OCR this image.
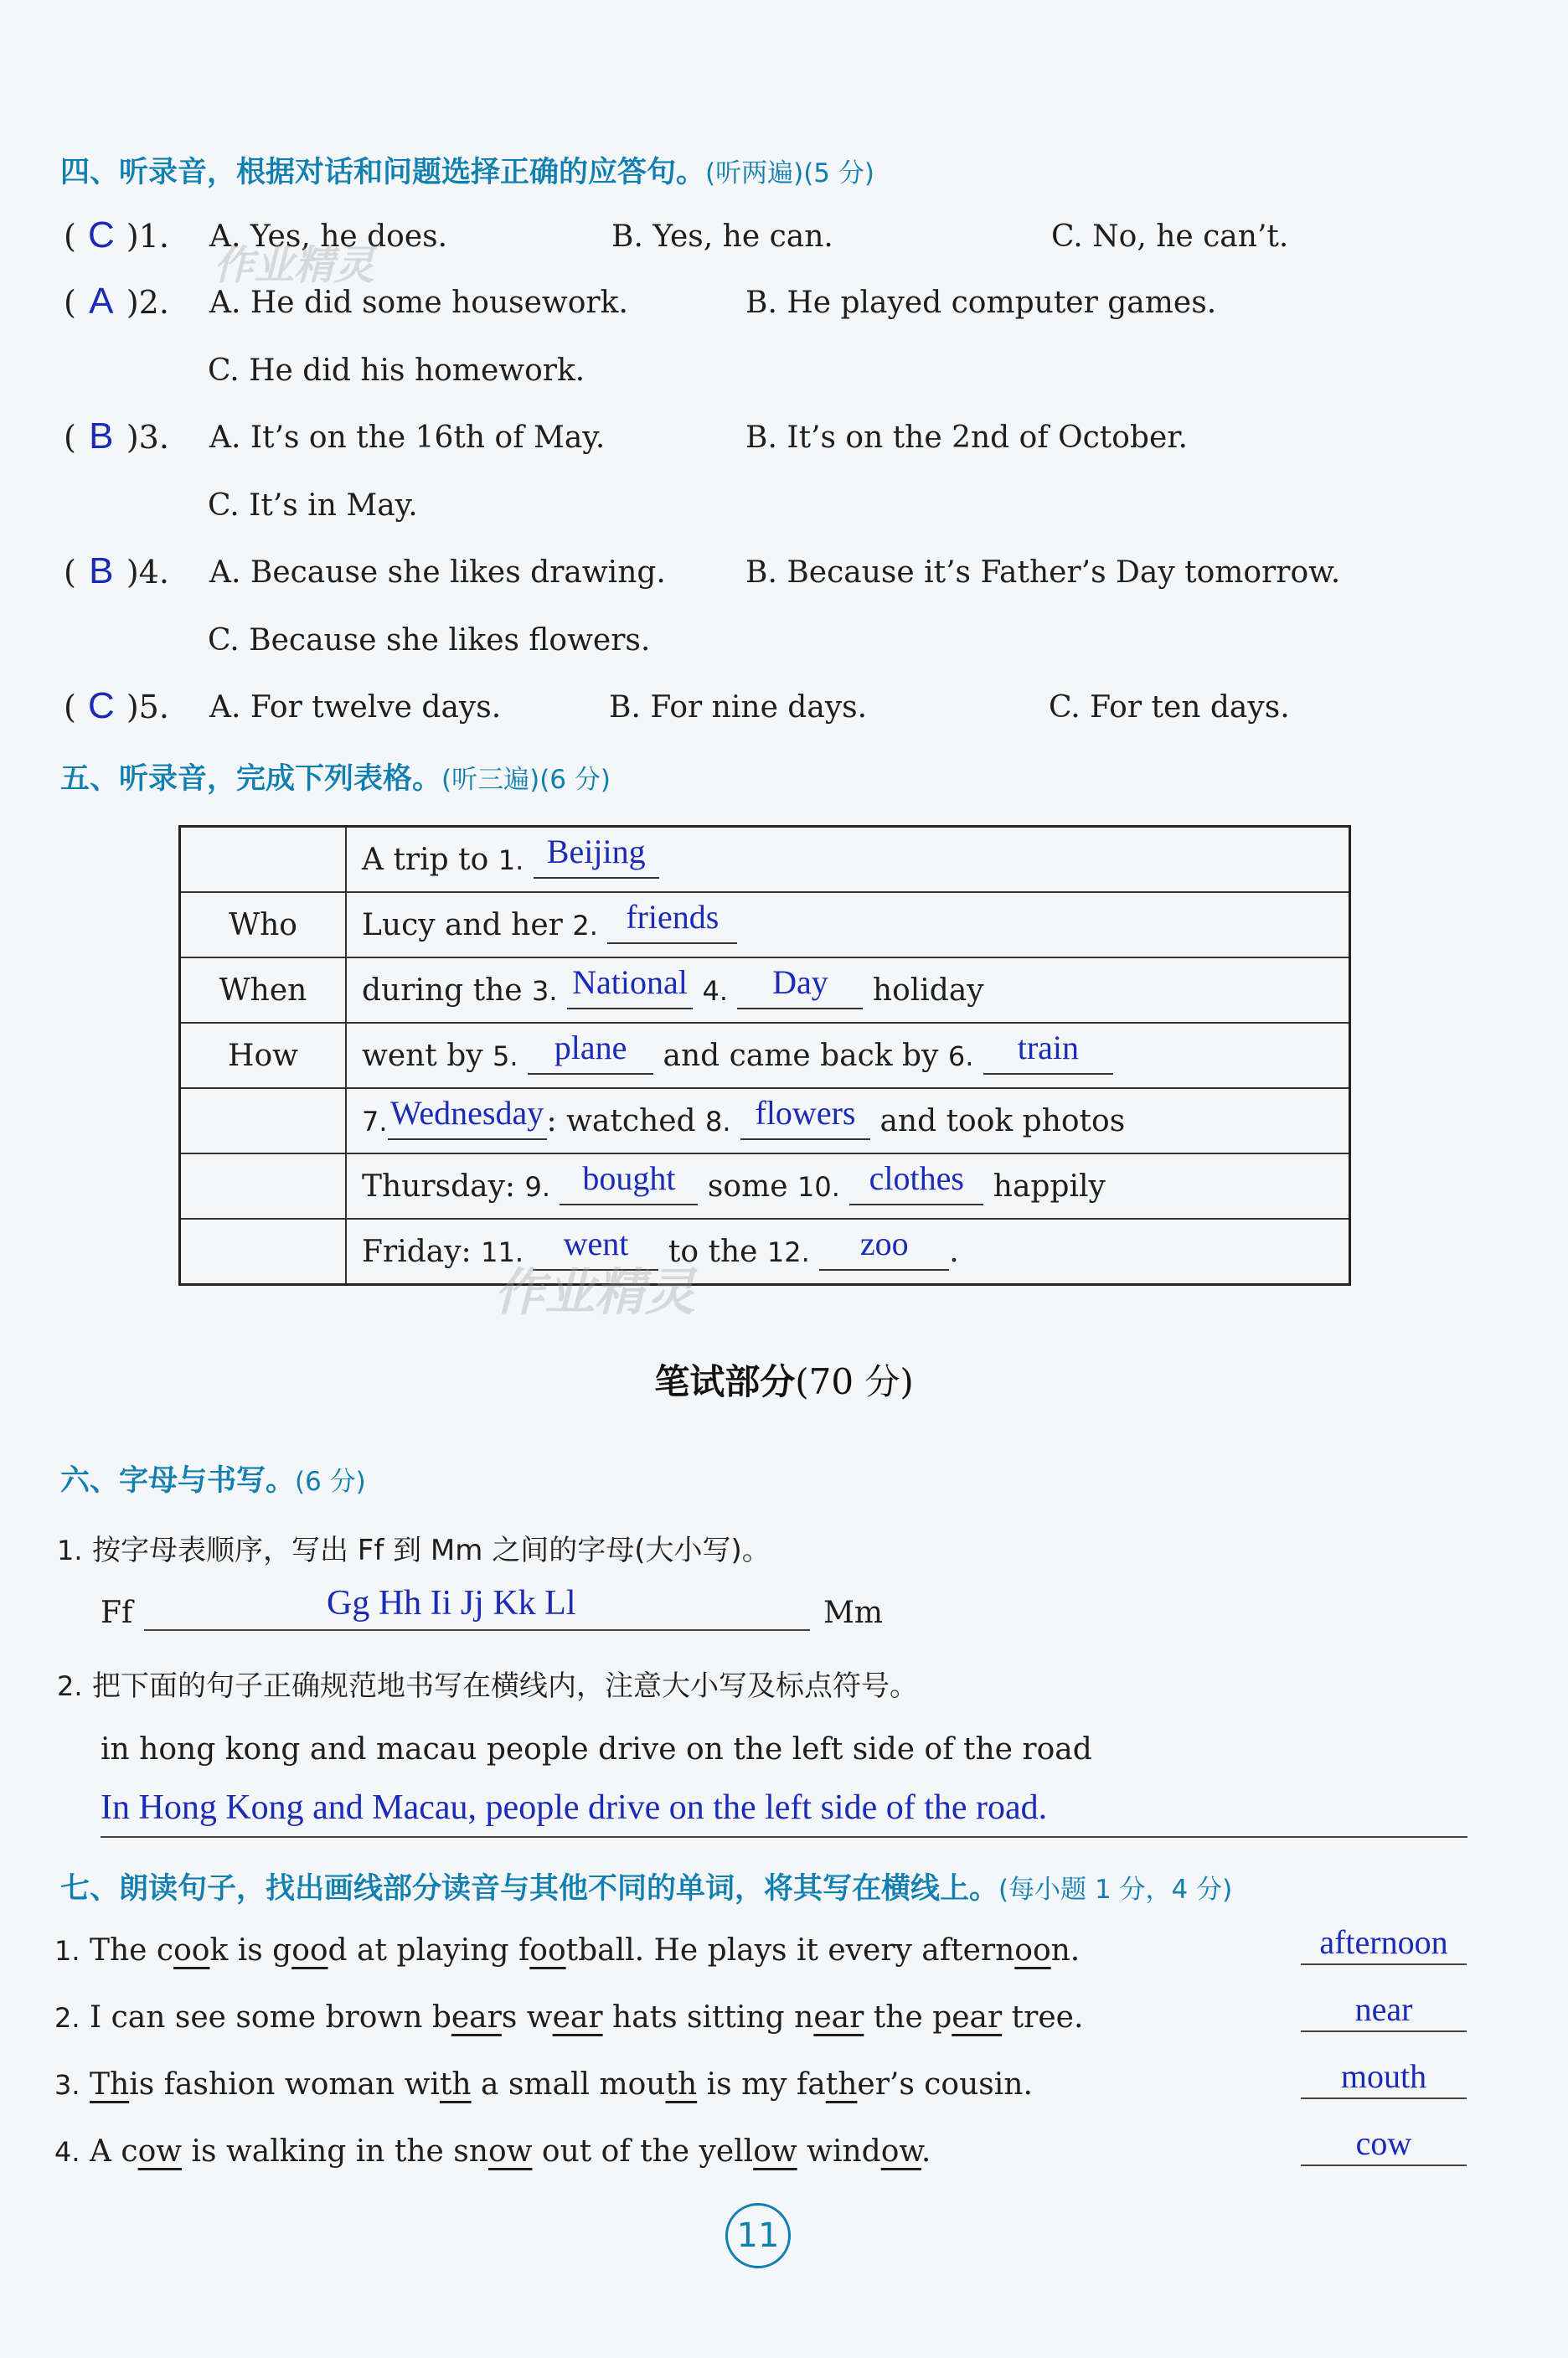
四、听录音，根据对话和问题选择正确的应答句。(听两遍)(5 分)
( C )1. A. Yes, he does.	B. Yes, he can.	C. No, he can’t.
( A )2. A. He did some housework.	B. He played computer games.
C. He did his homework.
( B )3. A. It’s on the 16th of May.	B. It’s on the 2nd of October.
C. It’s in May.
( B )4. A. Because she likes drawing.	B. Because it’s Father’s Day tomorrow.
C. Because she likes flowers.
( C )5. A. For twelve days.	B. For nine days.	C. For ten days.
五、听录音，完成下列表格。(听三遍)(6 分)
	A trip to 1. Beijing
Who	Lucy and her 2. friends
When	during the 3. National 4. Day holiday
How	went by 5. plane and came back by 6. train
	7.Wednesday: watched 8. flowers and took photos
	Thursday: 9. bought some 10. clothes happily
	Friday: 11. went to the 12. zoo .
作业精灵
作业精灵
笔试部分(70 分)
六、字母与书写。(6 分)
1. 按字母表顺序，写出 Ff 到 Mm 之间的字母(大小写)。
Ff	Gg Hh Ii Jj Kk Ll	Mm
2. 把下面的句子正确规范地书写在横线内，注意大小写及标点符号。
in hong kong and macau people drive on the left side of the road
In Hong Kong and Macau, people drive on the left side of the road.
七、朗读句子，找出画线部分读音与其他不同的单词，将其写在横线上。(每小题 1 分，4 分)
1. The cook is good at playing football. He plays it every afternoon.	afternoon
2. I can see some brown bears wear hats sitting near the pear tree.	near
3. This fashion woman with a small mouth is my father’s cousin.	mouth
4. A cow is walking in the snow out of the yellow window.	cow
11
